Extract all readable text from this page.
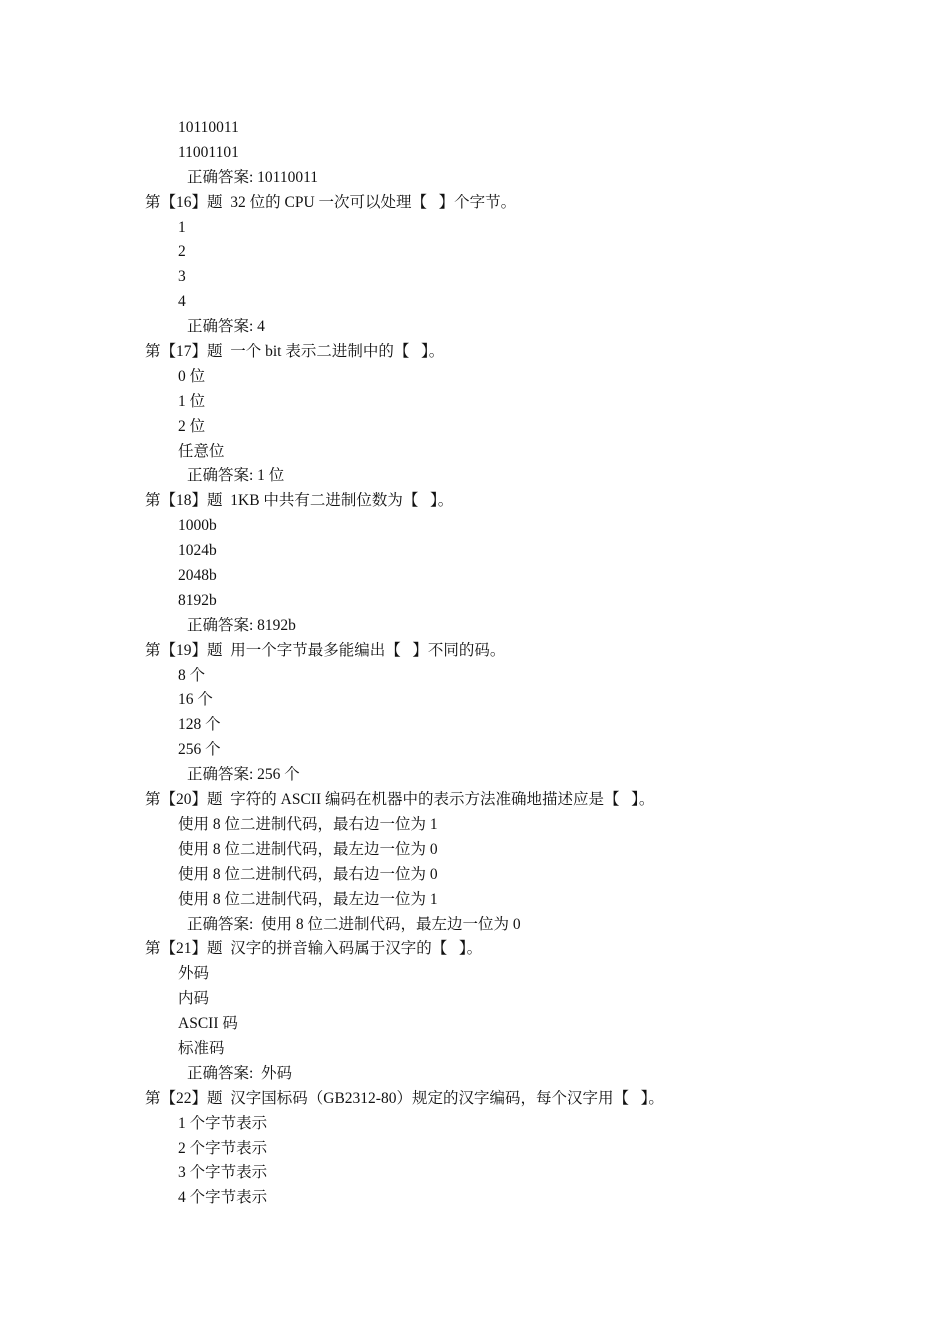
10110011
11001101
正确答案: 10110011
第【16】题  32 位的 CPU 一次可以处理【   】个字节。
1
2
3
4
正确答案: 4
第【17】题  一个 bit 表示二进制中的【   】。
0 位
1 位
2 位
任意位
正确答案: 1 位
第【18】题  1KB 中共有二进制位数为【   】。
1000b
1024b
2048b
8192b
正确答案: 8192b
第【19】题  用一个字节最多能编出【   】不同的码。
8 个
16 个
128 个
256 个
正确答案: 256 个
第【20】题  字符的 ASCII 编码在机器中的表示方法准确地描述应是【   】。
使用 8 位二进制代码，最右边一位为 1
使用 8 位二进制代码，最左边一位为 0
使用 8 位二进制代码，最右边一位为 0
使用 8 位二进制代码，最左边一位为 1
正确答案:  使用 8 位二进制代码，最左边一位为 0
第【21】题  汉字的拼音输入码属于汉字的【   】。
外码
内码
ASCII 码
标准码
正确答案:  外码
第【22】题  汉字国标码（GB2312-80）规定的汉字编码，每个汉字用【   】。
1 个字节表示
2 个字节表示
3 个字节表示
4 个字节表示
